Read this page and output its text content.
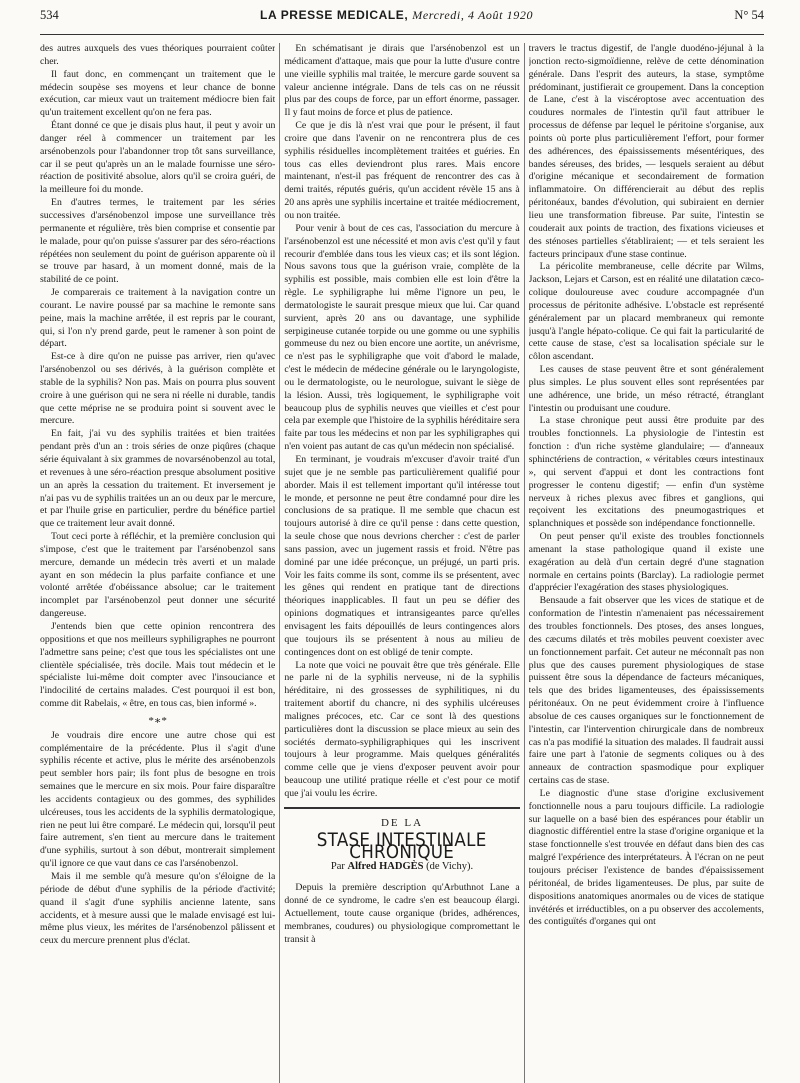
534	LA PRESSE MEDICALE, Mercredi, 4 Août 1920	N° 54

des autres auxquels des vues théoriques pourraient coûter cher.

Il faut donc, en commençant un traitement que le médecin soupèse ses moyens et leur chance de bonne exécution, car mieux vaut un traitement médiocre bien fait qu'un traitement excellent qu'on ne fera pas.

Étant donné ce que je disais plus haut, il peut y avoir un danger réel à commencer un traitement par les arsénobenzols pour l'abandonner trop tôt sans surveillance, car il se peut qu'après un an le malade fournisse une séro-réaction de positivité absolue, alors qu'il se croira guéri, de la meilleure foi du monde.

En d'autres termes, le traitement par les séries successives d'arsénobenzol impose une surveillance très permanente et régulière, très bien comprise et consentie par le malade, pour qu'on puisse s'assurer par des séro-réactions répétées non seulement du point de guérison apparente où il se trouve par hasard, à un moment donné, mais de la stabilité de ce point.

Je comparerais ce traitement à la navigation contre un courant. Le navire poussé par sa machine le remonte sans peine, mais la machine arrêtée, il est repris par le courant, qui, si l'on n'y prend garde, peut le ramener à son point de départ.

Est-ce à dire qu'on ne puisse pas arriver, rien qu'avec l'arsénobenzol ou ses dérivés, à la guérison complète et stable de la syphilis? Non pas. Mais on pourra plus souvent croire à une guérison qui ne sera ni réelle ni durable, tandis que cette méprise ne se produira point si souvent avec le mercure.

En fait, j'ai vu des syphilis traitées et bien traitées pendant près d'un an : trois séries de onze piqûres (chaque série équivalant à six grammes de novarsénobenzol au total, et revenues à une séro-réaction presque absolument positive un an après la cessation du traitement. Et inversement je n'ai pas vu de syphilis traitées un an ou deux par le mercure, et par l'huile grise en particulier, perdre du bénéfice partiel que ce traitement leur avait donné.

Tout ceci porte à réfléchir, et la première conclusion qui s'impose, c'est que le traitement par l'arsénobenzol sans mercure, demande un médecin très averti et un malade ayant en son médecin la plus parfaite confiance et une volonté arrêtée d'obéissance absolue; car le traitement incomplet par l'arsénobenzol peut donner une sécurité dangereuse.

J'entends bien que cette opinion rencontrera des oppositions et que nos meilleurs syphiligraphes ne pourront l'admettre sans peine; c'est que tous les spécialistes ont une clientèle spécialisée, très docile. Mais tout médecin et le spécialiste lui-même doit compter avec l'insouciance et l'indocilité de certains malades. C'est pourquoi il est bon, comme dit Rabelais, « être, en tous cas, bien informé ».

*∗*

Je voudrais dire encore une autre chose qui est complémentaire de la précédente. Plus il s'agit d'une syphilis récente et active, plus le mérite des arsénobenzols peut sembler hors pair; ils font plus de besogne en trois semaines que le mercure en six mois. Pour faire disparaître les accidents contagieux ou des gommes, des syphilides ulcéreuses, tous les accidents de la syphilis dermatologique, rien ne peut lui être comparé. Le médecin qui, lorsqu'il peut faire autrement, s'en tient au mercure dans le traitement d'une syphilis, surtout à son début, montrerait simplement qu'il ignore ce que vaut dans ce cas l'arsénobenzol.

Mais il me semble qu'à mesure qu'on s'éloigne de la période de début d'une syphilis de la période d'activité; quand il s'agit d'une syphilis ancienne latente, sans accidents, et à mesure aussi que le malade envisagé est lui-même plus vieux, les mérites de l'arsénobenzol pâlissent et ceux du mercure prennent plus d'éclat.

En schématisant je dirais que l'arsénobenzol est un médicament d'attaque, mais que pour la lutte d'usure contre une vieille syphilis mal traitée, le mercure garde souvent sa valeur ancienne intégrale. Dans de tels cas on ne réussit plus par des coups de force, par un effort énorme, passager. Il y faut moins de force et plus de patience.

Ce que je dis là n'est vrai que pour le présent, il faut croire que dans l'avenir on ne rencontrera plus de ces syphilis résiduelles incomplètement traitées et guéries. En tous cas elles deviendront plus rares. Mais encore maintenant, n'est-il pas fréquent de rencontrer des cas à demi traités, réputés guéris, qu'un accident révèle 15 ans à 20 ans après une syphilis incertaine et traitée médiocrement, ou non traitée.

Pour venir à bout de ces cas, l'association du mercure à l'arsénobenzol est une nécessité et mon avis c'est qu'il y faut recourir d'emblée dans tous les vieux cas; et ils sont légion. Nous savons tous que la guérison vraie, complète de la syphilis est possible, mais combien elle est loin d'être la règle. Le syphiligraphe lui même l'ignore un peu, le dermatologiste le saurait presque mieux que lui. Car quand survient, après 20 ans ou davantage, une syphilide serpigineuse cutanée torpide ou une gomme ou une syphilis gommeuse du nez ou bien encore une aortite, un anévrisme, ce n'est pas le syphiligraphe que voit d'abord le malade, c'est le médecin de médecine générale ou le laryngologiste, ou le dermatologiste, ou le neurologue, suivant le siège de la lésion. Aussi, très logiquement, le syphiligraphe voit beaucoup plus de syphilis neuves que vieilles et c'est pour cela par exemple que l'histoire de la syphilis héréditaire sera faite par tous les médecins et non par les syphiligraphes qui n'en voient pas autant de cas qu'un médecin non spécialisé.

En terminant, je voudrais m'excuser d'avoir traité d'un sujet que je ne semble pas particulièrement qualifié pour aborder. Mais il est tellement important qu'il intéresse tout le monde, et personne ne peut être condamné pour dire les conclusions de sa pratique. Il me semble que chacun est toujours autorisé à dire ce qu'il pense : dans cette question, la seule chose que nous devrions chercher : c'est de parler sans passion, avec un jugement rassis et froid. N'être pas dominé par une idée préconçue, un préjugé, un parti pris. Voir les faits comme ils sont, comme ils se présentent, avec les gênes qui rendent en pratique tant de directions théoriques inapplicables. Il faut un peu se défier des opinions dogmatiques et intransigeantes parce qu'elles envisagent les faits dépouillés de leurs contingences alors que toujours ils se présentent à nous au milieu de contingences dont on est obligé de tenir compte.

La note que voici ne pouvait être que très générale. Elle ne parle ni de la syphilis nerveuse, ni de la syphilis héréditaire, ni des grossesses de syphilitiques, ni du traitement abortif du chancre, ni des syphilis ulcéreuses malignes précoces, etc. Car ce sont là des questions particulières dont la discussion se place mieux au sein des sociétés dermato-syphiligraphiques qui les inscrivent toujours à leur programme. Mais quelques généralités comme celle que je viens d'exposer peuvent avoir pour beaucoup une utilité pratique réelle et c'est pour ce motif que j'ai voulu les écrire.

DE LA
STASE INTESTINALE CHRONIQUE
Par Alfred HADGÈS (de Vichy).

Depuis la première description qu'Arbuthnot Lane a donné de ce syndrome, le cadre s'en est beaucoup élargi. Actuellement, toute cause organique (brides, adhérences, membranes, coudures) ou physiologique compromettant le transit à

travers le tractus digestif, de l'angle duodéno-jéjunal à la jonction recto-sigmoïdienne, relève de cette dénomination générale. Dans l'esprit des auteurs, la stase, symptôme prédominant, justifierait ce groupement. Dans la conception de Lane, c'est à la viscéroptose avec accentuation des coudures normales de l'intestin qu'il faut attribuer le processus de défense par lequel le péritoine s'organise, aux points où porte plus particulièrement l'effort, pour former des adhérences, des épaississements mésentériques, des bandes séreuses, des brides, — lesquels seraient au début d'origine mécanique et secondairement de formation inflammatoire. On différencierait au début des replis péritonéaux, bandes d'évolution, qui subiraient en dernier lieu une transformation fibreuse. Par suite, l'intestin se couderait aux points de traction, des fixations vicieuses et des sténoses partielles s'établiraient; — et tels seraient les facteurs principaux d'une stase continue.

La péricolite membraneuse, celle décrite par Wilms, Jackson, Lejars et Carson, est en réalité une dilatation cæco-colique douloureuse avec coudure accompagnée d'un processus de péritonite adhésive. L'obstacle est représenté généralement par un placard membraneux qui remonte jusqu'à l'angle hépato-colique. Ce qui fait la particularité de cette cause de stase, c'est sa localisation spéciale sur le côlon ascendant.

Les causes de stase peuvent être et sont généralement plus simples. Le plus souvent elles sont représentées par une adhérence, une bride, un méso rétracté, étranglant l'intestin ou produisant une coudure.

La stase chronique peut aussi être produite par des troubles fonctionnels. La physiologie de l'intestin est fonction : d'un riche système glandulaire; — d'anneaux sphinctériens de contraction, « véritables cœurs intestinaux », qui servent d'appui et dont les contractions font progresser le contenu digestif; — enfin d'un système nerveux à riches plexus avec fibres et ganglions, qui reçoivent les excitations des pneumogastriques et splanchniques et possède son indépendance fonctionnelle.

On peut penser qu'il existe des troubles fonctionnels amenant la stase pathologique quand il existe une exagération au delà d'un certain degré d'une stagnation normale en certains points (Barclay). La radiologie permet d'apprécier l'exagération des stases physiologiques.

Bensaude a fait observer que les vices de statique et de conformation de l'intestin n'amenaient pas nécessairement des troubles fonctionnels. Des ptoses, des anses longues, des cæcums dilatés et très mobiles peuvent coexister avec un fonctionnement parfait. Cet auteur ne méconnaît pas non plus que des causes purement physiologiques de stase puissent être sous la dépendance de facteurs mécaniques, tels que des brides ligamenteuses, des épaississements péritonéaux. On ne peut évidemment croire à l'influence absolue de ces causes organiques sur le fonctionnement de l'intestin, car l'intervention chirurgicale dans de nombreux cas n'a pas modifié la situation des malades. Il faudrait aussi faire une part à l'atonie de segments coliques ou à des anneaux de contraction spasmodique pour expliquer certains cas de stase.

Le diagnostic d'une stase d'origine exclusivement fonctionnelle nous a paru toujours difficile. La radiologie sur laquelle on a basé bien des espérances pour établir un diagnostic différentiel entre la stase d'origine organique et la stase fonctionnelle s'est trouvée en défaut dans bien des cas malgré l'expérience des interprétateurs. À l'écran on ne peut toujours préciser l'existence de bandes d'épaississement péritonéal, de brides ligamenteuses. De plus, par suite de dispositions anatomiques anormales ou de vices de statique invétérés et irréductibles, on a pu observer des accolements, des contiguïtés d'organes qui ont
